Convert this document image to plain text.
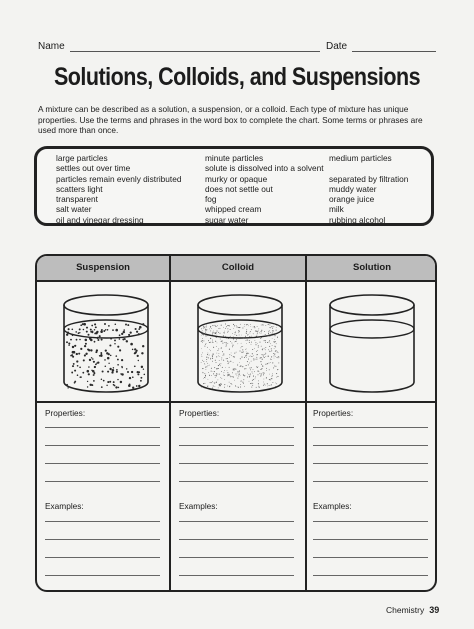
Name	Date
Solutions, Colloids, and Suspensions
A mixture can be described as a solution, a suspension, or a colloid. Each type of mixture has unique properties. Use the terms and phrases in the word box to complete the chart. Some terms or phrases are used more than once.
large particles
settles out over time
particles remain evenly distributed
scatters light
transparent
salt water
oil and vinegar dressing
minute particles
solute is dissolved into a solvent
murky or opaque
does not settle out
fog
whipped cream
sugar water
medium particles

separated by filtration
muddy water
orange juice
milk
rubbing alcohol
Suspension	Colloid	Solution
Properties:
Examples:
Properties:
Examples:
Properties:
Examples:
Chemistry 39
